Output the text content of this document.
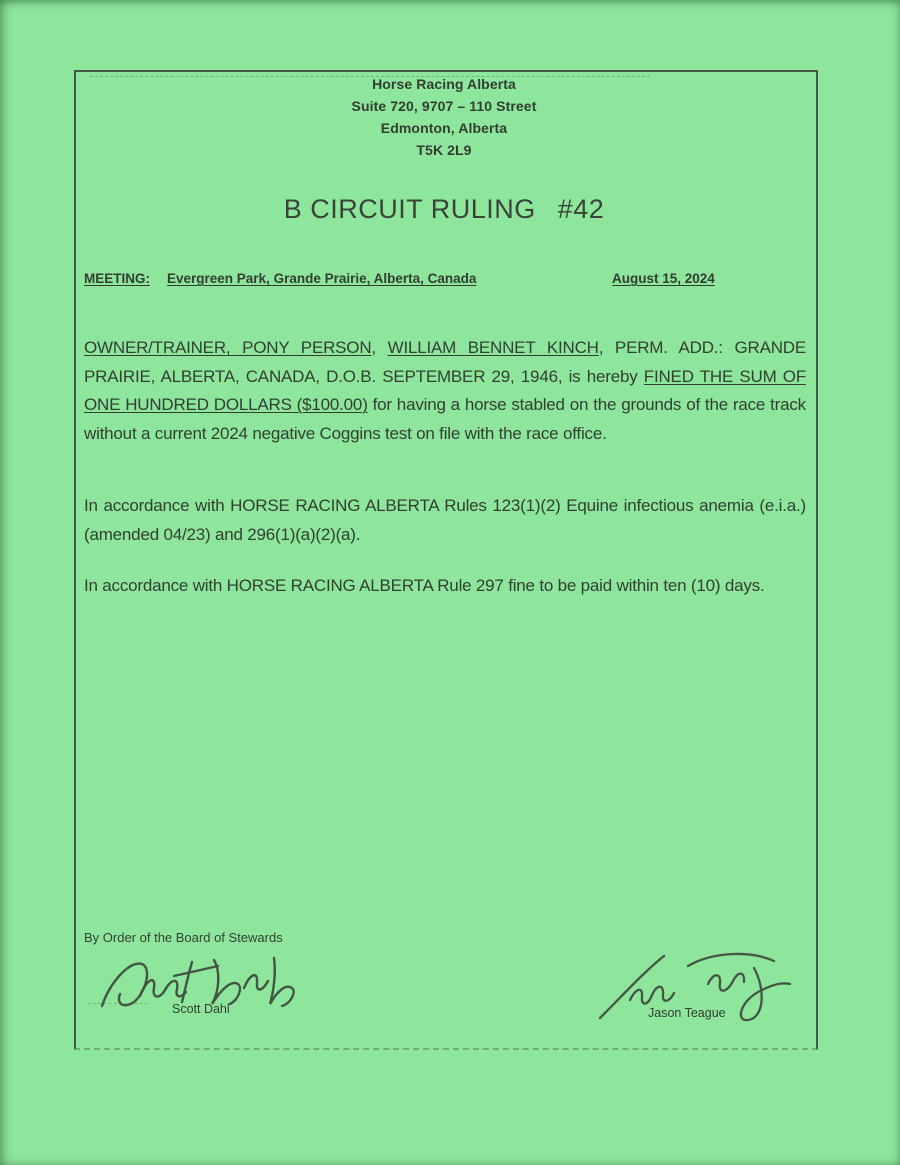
Horse Racing Alberta
Suite 720, 9707 – 110 Street
Edmonton, Alberta
T5K 2L9
B CIRCUIT RULING #42
MEETING: Evergreen Park, Grande Prairie, Alberta, Canada	August 15, 2024

OWNER/TRAINER, PONY PERSON, WILLIAM BENNET KINCH, PERM. ADD.: GRANDE PRAIRIE, ALBERTA, CANADA, D.O.B. SEPTEMBER 29, 1946, is hereby FINED THE SUM OF ONE HUNDRED DOLLARS ($100.00) for having a horse stabled on the grounds of the race track without a current 2024 negative Coggins test on file with the race office.

In accordance with HORSE RACING ALBERTA Rules 123(1)(2) Equine infectious anemia (e.i.a.) (amended 04/23) and 296(1)(a)(2)(a).

In accordance with HORSE RACING ALBERTA Rule 297 fine to be paid within ten (10) days.

By Order of the Board of Stewards
Scott Dahl	Jason Teague
